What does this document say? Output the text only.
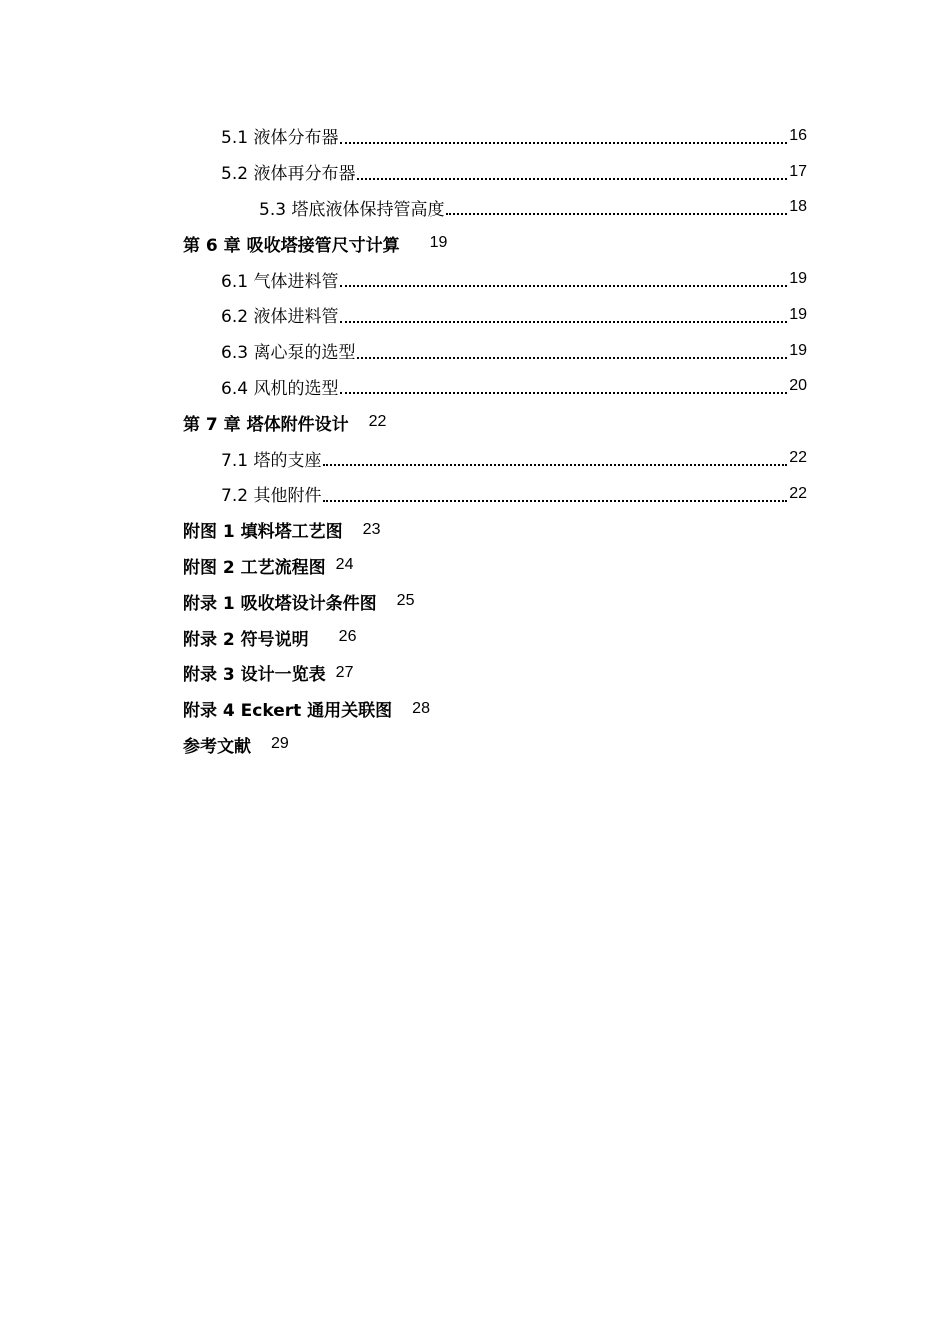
5.1 液体分布器	16
5.2 液体再分布器	17
5.3 塔底液体保持管高度	18
第 6 章 吸收塔接管尺寸计算 19
6.1 气体进料管	19
6.2 液体进料管	19
6.3 离心泵的选型	19
6.4 风机的选型	20
第 7 章 塔体附件设计 22
7.1 塔的支座	22
7.2 其他附件	22
附图 1 填料塔工艺图 23
附图 2 工艺流程图 24
附录 1 吸收塔设计条件图 25
附录 2 符号说明 26
附录 3 设计一览表 27
附录 4 Eckert 通用关联图 28
参考文献 29
